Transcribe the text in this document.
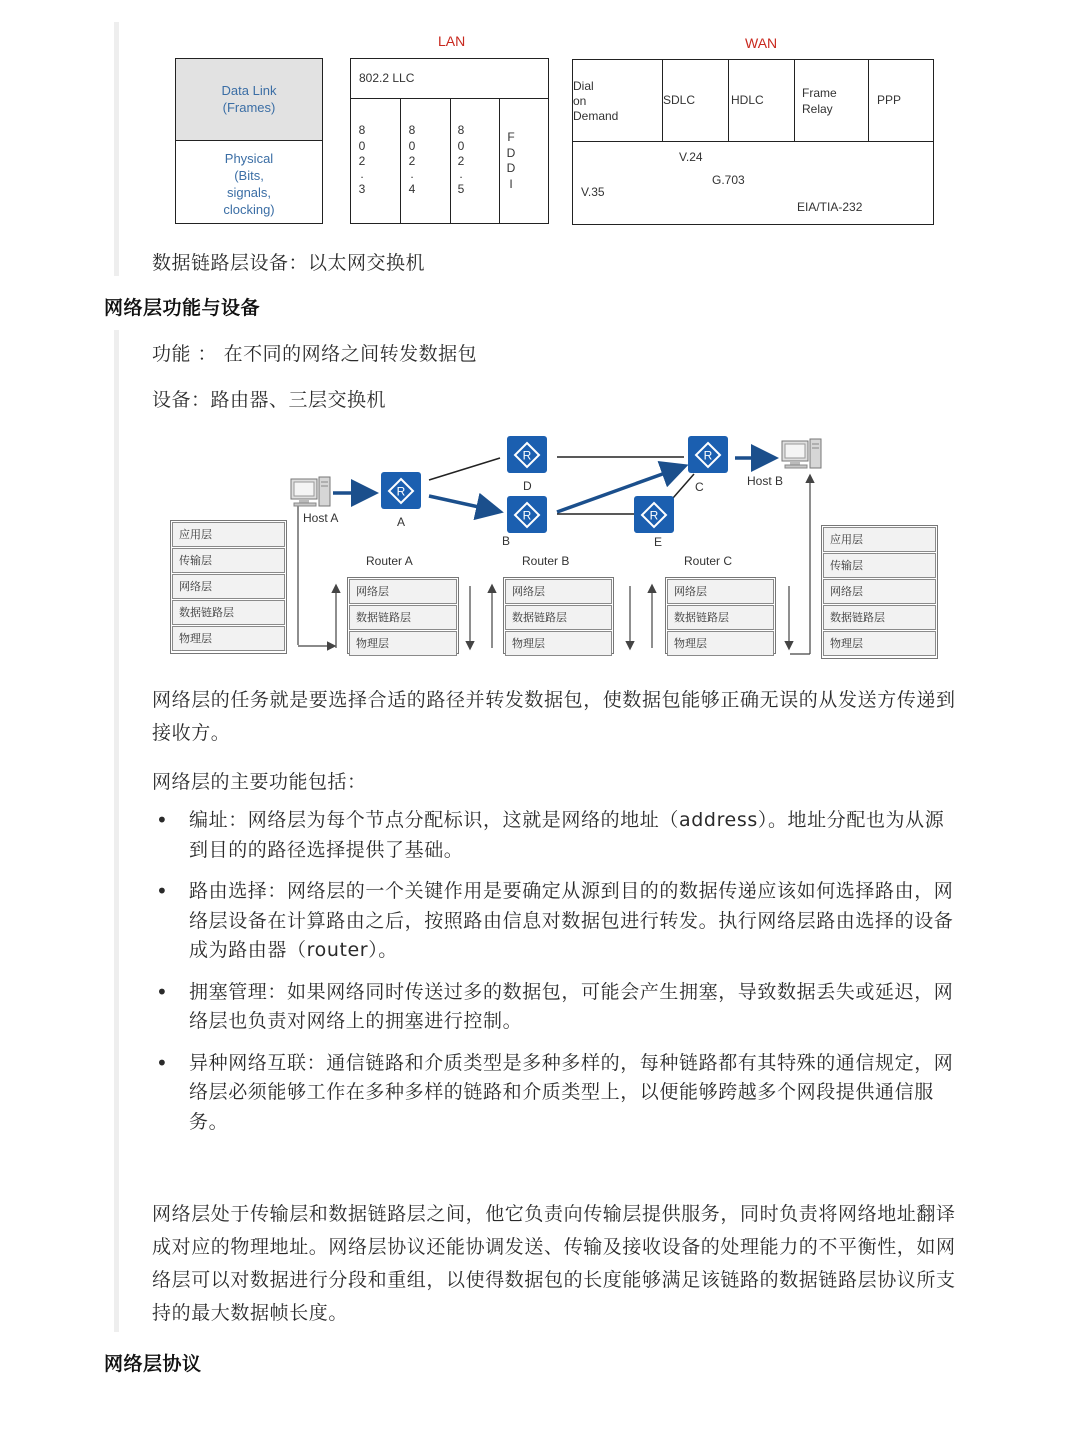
LAN	WAN
Data Link
(Frames)
Physical
(Bits,
signals,
clocking)
802.2 LLC
8
0
2
.
3
8
0
2
.
4
8
0
2
.
5
F
D
D
I
Dial
on
Demand
SDLC	HDLC	Frame
Relay
PPP
V.24
G.703
V.35
EIA/TIA-232
数据链路层设备：以太网交换机
网络层功能与设备
功能 ： 在不同的网络之间转发数据包
设备：路由器、三层交换机
R
R
R	R
R
Host A
Host B
A
D
B	E
C
Router A	Router B	Router C
应用层
传输层
网络层
数据链路层
物理层
网络层
数据链路层
物理层
网络层
数据链路层
物理层
网络层
数据链路层
物理层
应用层
传输层
网络层
数据链路层
物理层
网络层的任务就是要选择合适的路径并转发数据包，使数据包能够正确无误的从发送方传递到接收方。
网络层的主要功能包括：
• 编址：网络层为每个节点分配标识，这就是网络的地址（address）。地址分配也为从源到目的的路径选择提供了基础。
• 路由选择：网络层的一个关键作用是要确定从源到目的的数据传递应该如何选择路由，网络层设备在计算路由之后，按照路由信息对数据包进行转发。执行网络层路由选择的设备成为路由器（router）。
• 拥塞管理：如果网络同时传送过多的数据包，可能会产生拥塞，导致数据丢失或延迟，网络层也负责对网络上的拥塞进行控制。
• 异种网络互联：通信链路和介质类型是多种多样的，每种链路都有其特殊的通信规定，网络层必须能够工作在多种多样的链路和介质类型上，以便能够跨越多个网段提供通信服务。
网络层处于传输层和数据链路层之间，他它负责向传输层提供服务，同时负责将网络地址翻译成对应的物理地址。网络层协议还能协调发送、传输及接收设备的处理能力的不平衡性，如网络层可以对数据进行分段和重组，以使得数据包的长度能够满足该链路的数据链路层协议所支持的最大数据帧长度。
网络层协议
